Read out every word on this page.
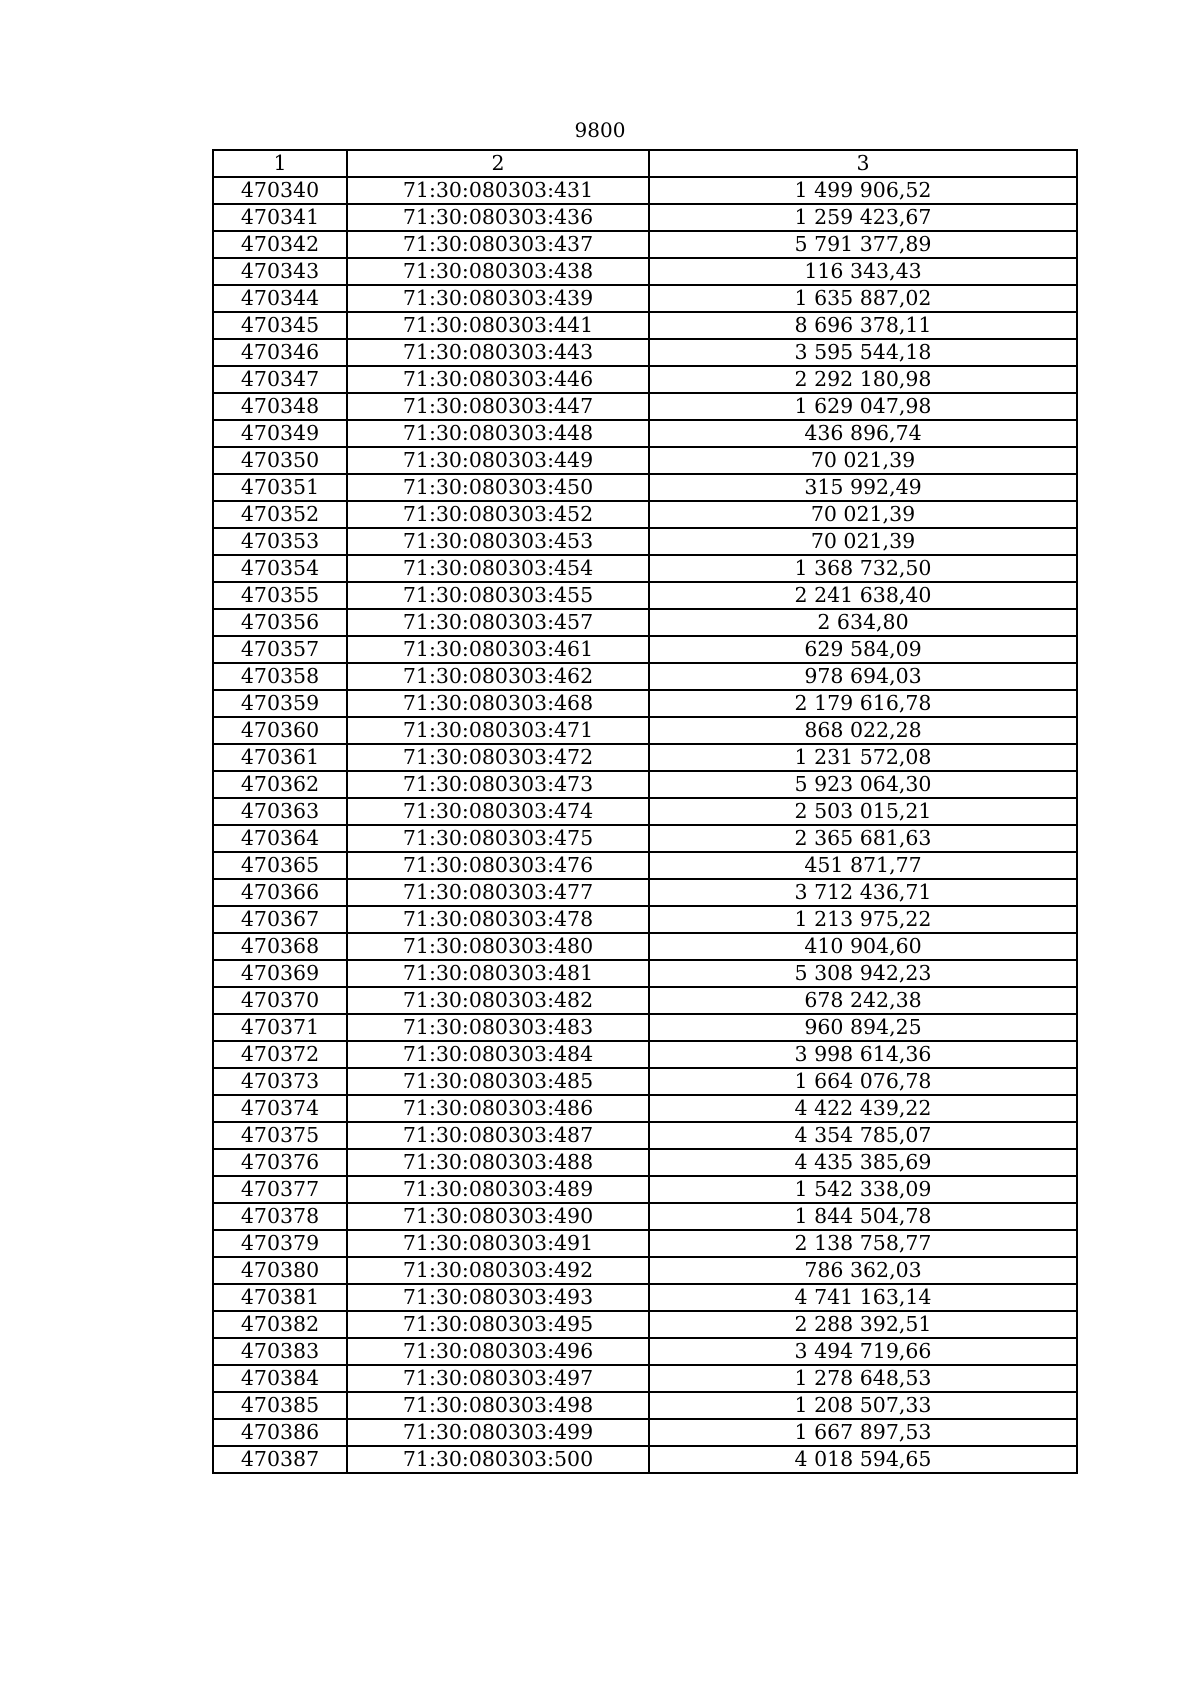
9800
1	2	3
470340	71:30:080303:431	1 499 906,52
470341	71:30:080303:436	1 259 423,67
470342	71:30:080303:437	5 791 377,89
470343	71:30:080303:438	116 343,43
470344	71:30:080303:439	1 635 887,02
470345	71:30:080303:441	8 696 378,11
470346	71:30:080303:443	3 595 544,18
470347	71:30:080303:446	2 292 180,98
470348	71:30:080303:447	1 629 047,98
470349	71:30:080303:448	436 896,74
470350	71:30:080303:449	70 021,39
470351	71:30:080303:450	315 992,49
470352	71:30:080303:452	70 021,39
470353	71:30:080303:453	70 021,39
470354	71:30:080303:454	1 368 732,50
470355	71:30:080303:455	2 241 638,40
470356	71:30:080303:457	2 634,80
470357	71:30:080303:461	629 584,09
470358	71:30:080303:462	978 694,03
470359	71:30:080303:468	2 179 616,78
470360	71:30:080303:471	868 022,28
470361	71:30:080303:472	1 231 572,08
470362	71:30:080303:473	5 923 064,30
470363	71:30:080303:474	2 503 015,21
470364	71:30:080303:475	2 365 681,63
470365	71:30:080303:476	451 871,77
470366	71:30:080303:477	3 712 436,71
470367	71:30:080303:478	1 213 975,22
470368	71:30:080303:480	410 904,60
470369	71:30:080303:481	5 308 942,23
470370	71:30:080303:482	678 242,38
470371	71:30:080303:483	960 894,25
470372	71:30:080303:484	3 998 614,36
470373	71:30:080303:485	1 664 076,78
470374	71:30:080303:486	4 422 439,22
470375	71:30:080303:487	4 354 785,07
470376	71:30:080303:488	4 435 385,69
470377	71:30:080303:489	1 542 338,09
470378	71:30:080303:490	1 844 504,78
470379	71:30:080303:491	2 138 758,77
470380	71:30:080303:492	786 362,03
470381	71:30:080303:493	4 741 163,14
470382	71:30:080303:495	2 288 392,51
470383	71:30:080303:496	3 494 719,66
470384	71:30:080303:497	1 278 648,53
470385	71:30:080303:498	1 208 507,33
470386	71:30:080303:499	1 667 897,53
470387	71:30:080303:500	4 018 594,65
